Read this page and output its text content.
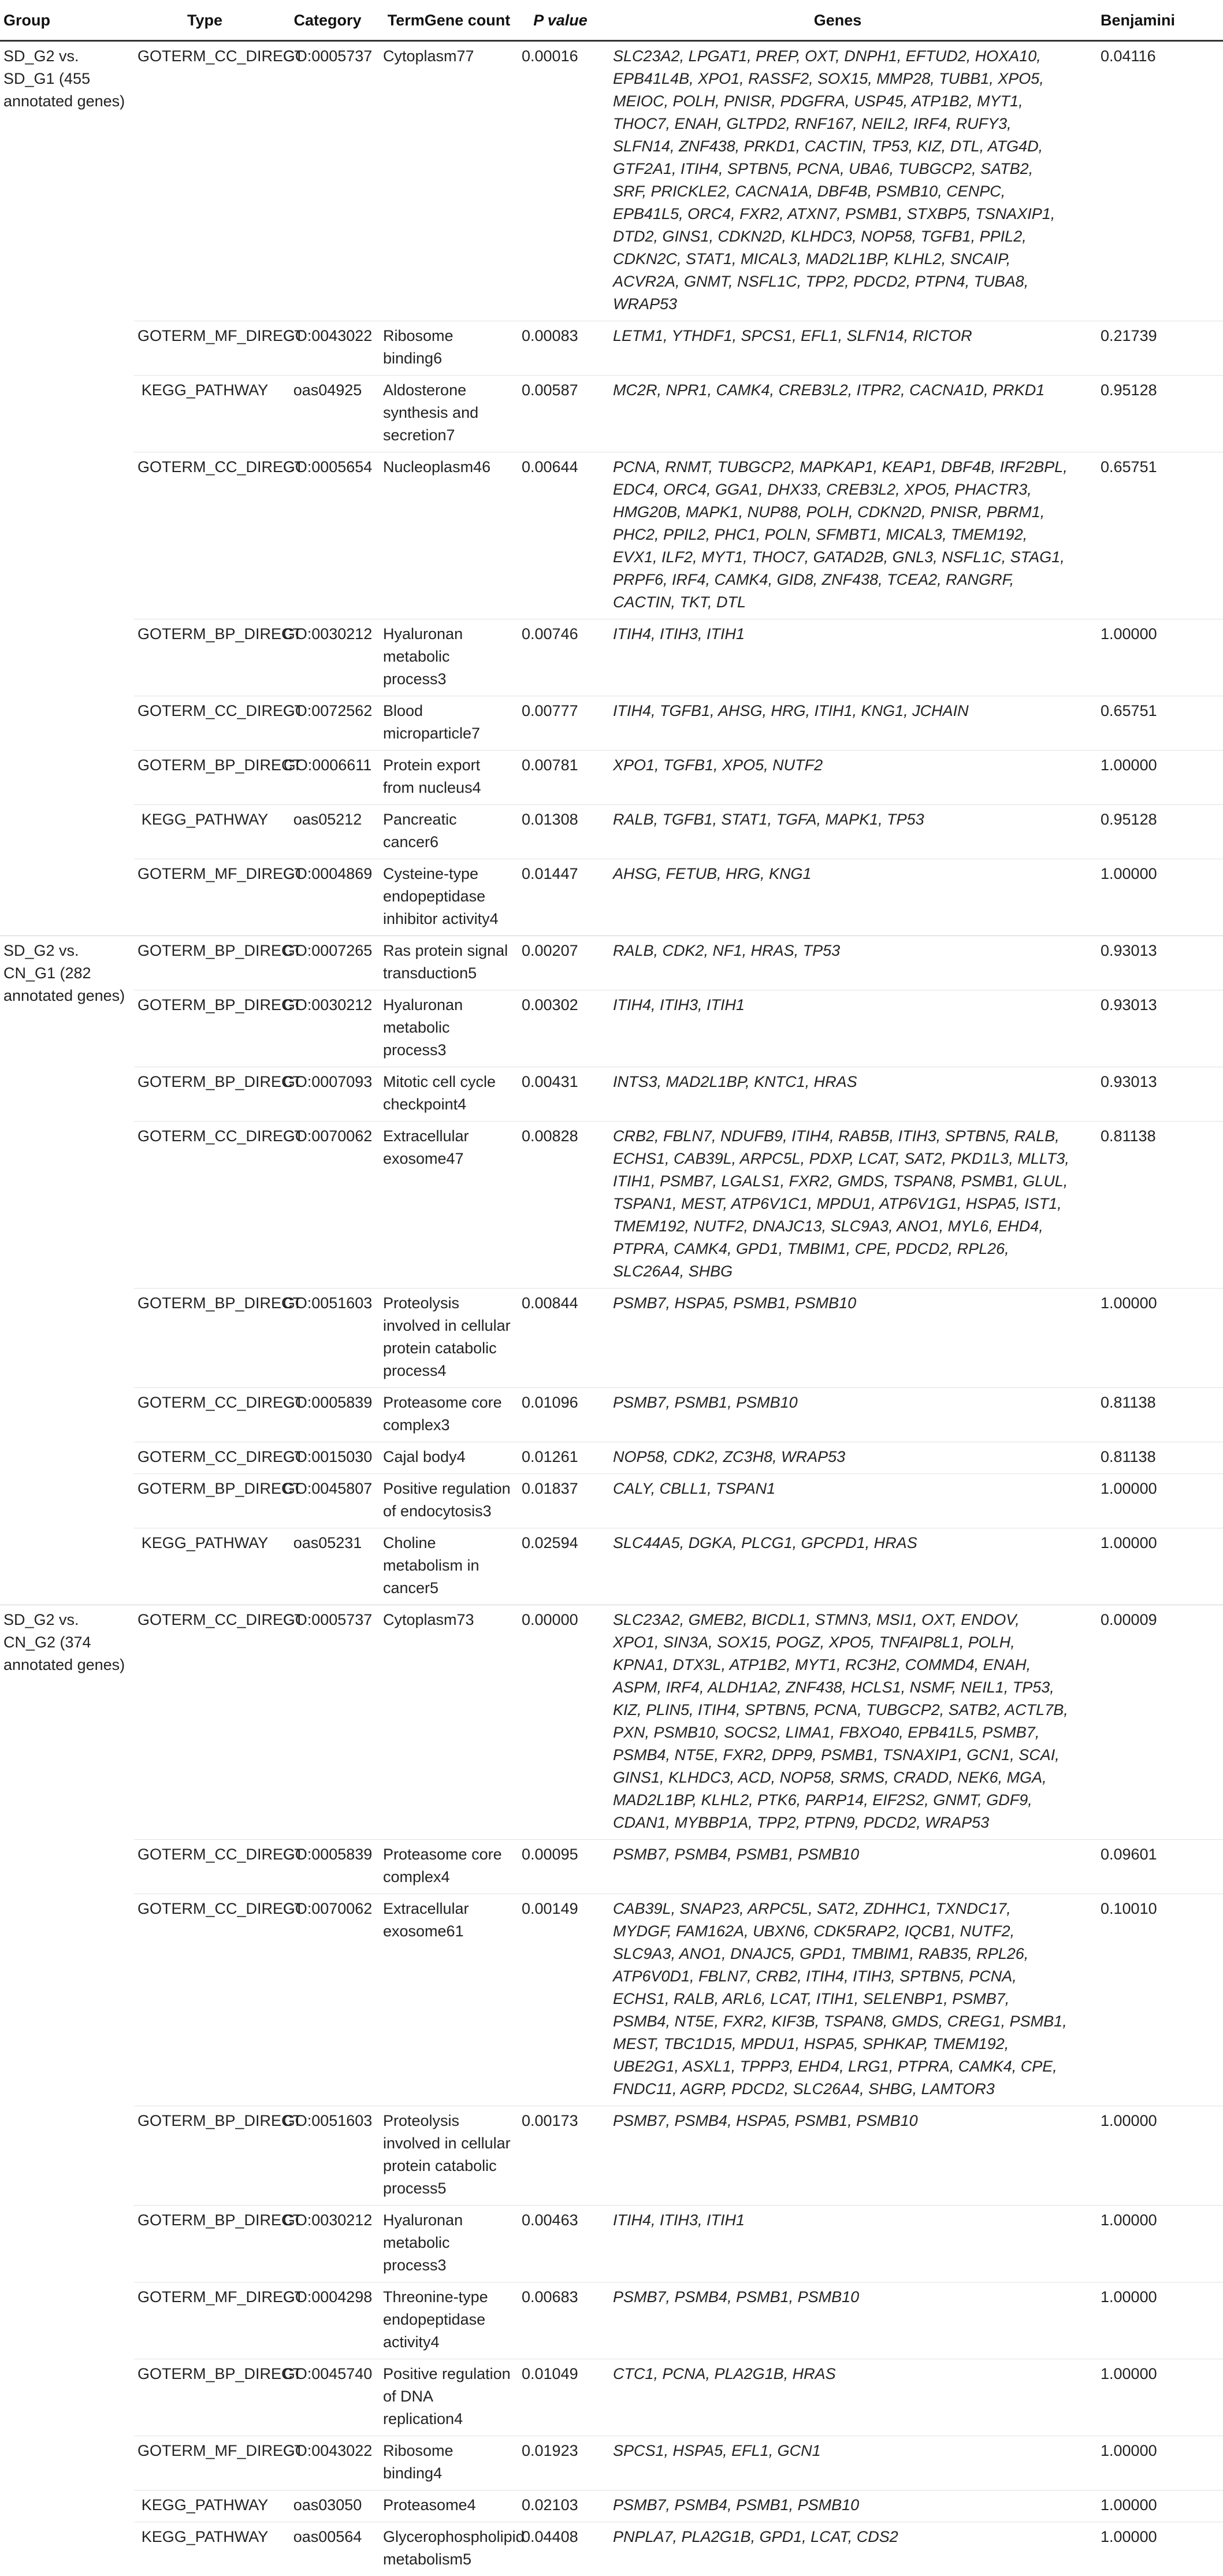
Group	Type	Category	TermGene count	P value	Genes	Benjamini
SD_G2 vs. SD_G1 (455 annotated genes)	GOTERM_CC_DIRECT	GO:0005737	Cytoplasm77	0.00016	SLC23A2, LPGAT1, PREP, OXT, DNPH1, EFTUD2, HOXA10, EPB41L4B, XPO1, RASSF2, SOX15, MMP28, TUBB1, XPO5, MEIOC, POLH, PNISR, PDGFRA, USP45, ATP1B2, MYT1, THOC7, ENAH, GLTPD2, RNF167, NEIL2, IRF4, RUFY3, SLFN14, ZNF438, PRKD1, CACTIN, TP53, KIZ, DTL, ATG4D, GTF2A1, ITIH4, SPTBN5, PCNA, UBA6, TUBGCP2, SATB2, SRF, PRICKLE2, CACNA1A, DBF4B, PSMB10, CENPC, EPB41L5, ORC4, FXR2, ATXN7, PSMB1, STXBP5, TSNAXIP1, DTD2, GINS1, CDKN2D, KLHDC3, NOP58, TGFB1, PPIL2, CDKN2C, STAT1, MICAL3, MAD2L1BP, KLHL2, SNCAIP, ACVR2A, GNMT, NSFL1C, TPP2, PDCD2, PTPN4, TUBA8, WRAP53	0.04116
	GOTERM_MF_DIRECT	GO:0043022	Ribosome binding6	0.00083	LETM1, YTHDF1, SPCS1, EFL1, SLFN14, RICTOR	0.21739
	KEGG_PATHWAY	oas04925	Aldosterone synthesis and secretion7	0.00587	MC2R, NPR1, CAMK4, CREB3L2, ITPR2, CACNA1D, PRKD1	0.95128
	GOTERM_CC_DIRECT	GO:0005654	Nucleoplasm46	0.00644	PCNA, RNMT, TUBGCP2, MAPKAP1, KEAP1, DBF4B, IRF2BPL, EDC4, ORC4, GGA1, DHX33, CREB3L2, XPO5, PHACTR3, HMG20B, MAPK1, NUP88, POLH, CDKN2D, PNISR, PBRM1, PHC2, PPIL2, PHC1, POLN, SFMBT1, MICAL3, TMEM192, EVX1, ILF2, MYT1, THOC7, GATAD2B, GNL3, NSFL1C, STAG1, PRPF6, IRF4, CAMK4, GID8, ZNF438, TCEA2, RANGRF, CACTIN, TKT, DTL	0.65751
	GOTERM_BP_DIRECT	GO:0030212	Hyaluronan metabolic process3	0.00746	ITIH4, ITIH3, ITIH1	1.00000
	GOTERM_CC_DIRECT	GO:0072562	Blood microparticle7	0.00777	ITIH4, TGFB1, AHSG, HRG, ITIH1, KNG1, JCHAIN	0.65751
	GOTERM_BP_DIRECT	GO:0006611	Protein export from nucleus4	0.00781	XPO1, TGFB1, XPO5, NUTF2	1.00000
	KEGG_PATHWAY	oas05212	Pancreatic cancer6	0.01308	RALB, TGFB1, STAT1, TGFA, MAPK1, TP53	0.95128
	GOTERM_MF_DIRECT	GO:0004869	Cysteine-type endopeptidase inhibitor activity4	0.01447	AHSG, FETUB, HRG, KNG1	1.00000
SD_G2 vs. CN_G1 (282 annotated genes)	GOTERM_BP_DIRECT	GO:0007265	Ras protein signal transduction5	0.00207	RALB, CDK2, NF1, HRAS, TP53	0.93013
	GOTERM_BP_DIRECT	GO:0030212	Hyaluronan metabolic process3	0.00302	ITIH4, ITIH3, ITIH1	0.93013
	GOTERM_BP_DIRECT	GO:0007093	Mitotic cell cycle checkpoint4	0.00431	INTS3, MAD2L1BP, KNTC1, HRAS	0.93013
	GOTERM_CC_DIRECT	GO:0070062	Extracellular exosome47	0.00828	CRB2, FBLN7, NDUFB9, ITIH4, RAB5B, ITIH3, SPTBN5, RALB, ECHS1, CAB39L, ARPC5L, PDXP, LCAT, SAT2, PKD1L3, MLLT3, ITIH1, PSMB7, LGALS1, FXR2, GMDS, TSPAN8, PSMB1, GLUL, TSPAN1, MEST, ATP6V1C1, MPDU1, ATP6V1G1, HSPA5, IST1, TMEM192, NUTF2, DNAJC13, SLC9A3, ANO1, MYL6, EHD4, PTPRA, CAMK4, GPD1, TMBIM1, CPE, PDCD2, RPL26, SLC26A4, SHBG	0.81138
	GOTERM_BP_DIRECT	GO:0051603	Proteolysis involved in cellular protein catabolic process4	0.00844	PSMB7, HSPA5, PSMB1, PSMB10	1.00000
	GOTERM_CC_DIRECT	GO:0005839	Proteasome core complex3	0.01096	PSMB7, PSMB1, PSMB10	0.81138
	GOTERM_CC_DIRECT	GO:0015030	Cajal body4	0.01261	NOP58, CDK2, ZC3H8, WRAP53	0.81138
	GOTERM_BP_DIRECT	GO:0045807	Positive regulation of endocytosis3	0.01837	CALY, CBLL1, TSPAN1	1.00000
	KEGG_PATHWAY	oas05231	Choline metabolism in cancer5	0.02594	SLC44A5, DGKA, PLCG1, GPCPD1, HRAS	1.00000
SD_G2 vs. CN_G2 (374 annotated genes)	GOTERM_CC_DIRECT	GO:0005737	Cytoplasm73	0.00000	SLC23A2, GMEB2, BICDL1, STMN3, MSI1, OXT, ENDOV, XPO1, SIN3A, SOX15, POGZ, XPO5, TNFAIP8L1, POLH, KPNA1, DTX3L, ATP1B2, MYT1, RC3H2, COMMD4, ENAH, ASPM, IRF4, ALDH1A2, ZNF438, HCLS1, NSMF, NEIL1, TP53, KIZ, PLIN5, ITIH4, SPTBN5, PCNA, TUBGCP2, SATB2, ACTL7B, PXN, PSMB10, SOCS2, LIMA1, FBXO40, EPB41L5, PSMB7, PSMB4, NT5E, FXR2, DPP9, PSMB1, TSNAXIP1, GCN1, SCAI, GINS1, KLHDC3, ACD, NOP58, SRMS, CRADD, NEK6, MGA, MAD2L1BP, KLHL2, PTK6, PARP14, EIF2S2, GNMT, GDF9, CDAN1, MYBBP1A, TPP2, PTPN9, PDCD2, WRAP53	0.00009
	GOTERM_CC_DIRECT	GO:0005839	Proteasome core complex4	0.00095	PSMB7, PSMB4, PSMB1, PSMB10	0.09601
	GOTERM_CC_DIRECT	GO:0070062	Extracellular exosome61	0.00149	CAB39L, SNAP23, ARPC5L, SAT2, ZDHHC1, TXNDC17, MYDGF, FAM162A, UBXN6, CDK5RAP2, IQCB1, NUTF2, SLC9A3, ANO1, DNAJC5, GPD1, TMBIM1, RAB35, RPL26, ATP6V0D1, FBLN7, CRB2, ITIH4, ITIH3, SPTBN5, PCNA, ECHS1, RALB, ARL6, LCAT, ITIH1, SELENBP1, PSMB7, PSMB4, NT5E, FXR2, KIF3B, TSPAN8, GMDS, CREG1, PSMB1, MEST, TBC1D15, MPDU1, HSPA5, SPHKAP, TMEM192, UBE2G1, ASXL1, TPPP3, EHD4, LRG1, PTPRA, CAMK4, CPE, FNDC11, AGRP, PDCD2, SLC26A4, SHBG, LAMTOR3	0.10010
	GOTERM_BP_DIRECT	GO:0051603	Proteolysis involved in cellular protein catabolic process5	0.00173	PSMB7, PSMB4, HSPA5, PSMB1, PSMB10	1.00000
	GOTERM_BP_DIRECT	GO:0030212	Hyaluronan metabolic process3	0.00463	ITIH4, ITIH3, ITIH1	1.00000
	GOTERM_MF_DIRECT	GO:0004298	Threonine-type endopeptidase activity4	0.00683	PSMB7, PSMB4, PSMB1, PSMB10	1.00000
	GOTERM_BP_DIRECT	GO:0045740	Positive regulation of DNA replication4	0.01049	CTC1, PCNA, PLA2G1B, HRAS	1.00000
	GOTERM_MF_DIRECT	GO:0043022	Ribosome binding4	0.01923	SPCS1, HSPA5, EFL1, GCN1	1.00000
	KEGG_PATHWAY	oas03050	Proteasome4	0.02103	PSMB7, PSMB4, PSMB1, PSMB10	1.00000
	KEGG_PATHWAY	oas00564	Glycerophospholipid metabolism5	0.04408	PNPLA7, PLA2G1B, GPD1, LCAT, CDS2	1.00000
